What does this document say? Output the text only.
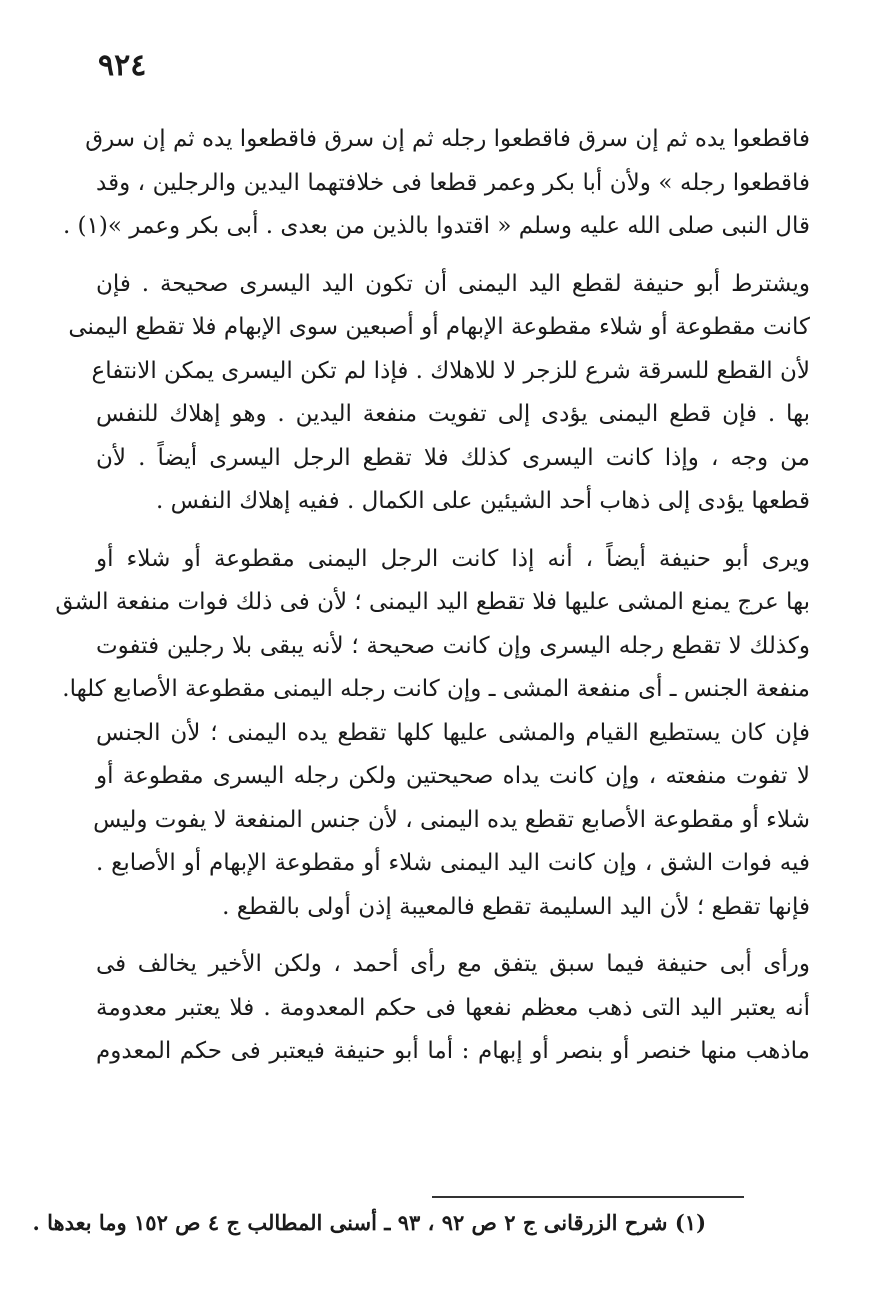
٩٢٤
فاقطعوا يده ثم إن سرق فاقطعوا رجله ثم إن سرق فاقطعوا يده ثم إن سرق
فاقطعوا رجله » ولأن أبا بكر وعمر قطعا فى خلافتهما اليدين والرجلين ، وقد
قال النبى صلى الله عليه وسلم « اقتدوا بالذين من بعدى . أبى بكر وعمر »(١) .
ويشترط أبو حنيفة لقطع اليد اليمنى أن تكون اليد اليسرى صحيحة . فإن
كانت مقطوعة أو شلاء مقطوعة الإبهام أو أصبعين سوى الإبهام فلا تقطع اليمنى
لأن القطع للسرقة شرع للزجر لا للاهلاك . فإذا لم تكن اليسرى يمكن الانتفاع
بها . فإن قطع اليمنى يؤدى إلى تفويت منفعة اليدين . وهو إهلاك للنفس
من وجه ، وإذا كانت اليسرى كذلك فلا تقطع الرجل اليسرى أيضاً . لأن
قطعها يؤدى إلى ذهاب أحد الشيئين على الكمال . ففيه إهلاك النفس .
ويرى أبو حنيفة أيضاً ، أنه إذا كانت الرجل اليمنى مقطوعة أو شلاء أو
بها عرج يمنع المشى عليها فلا تقطع اليد اليمنى ؛ لأن فى ذلك فوات منفعة الشق
وكذلك لا تقطع رجله اليسرى وإن كانت صحيحة ؛ لأنه يبقى بلا رجلين فتفوت
منفعة الجنس ـ أى منفعة المشى ـ وإن كانت رجله اليمنى مقطوعة الأصابع كلها.
فإن كان يستطيع القيام والمشى عليها كلها تقطع يده اليمنى ؛ لأن الجنس
لا تفوت منفعته ، وإن كانت يداه صحيحتين ولكن رجله اليسرى مقطوعة أو
شلاء أو مقطوعة الأصابع تقطع يده اليمنى ، لأن جنس المنفعة لا يفوت وليس
فيه فوات الشق ، وإن كانت اليد اليمنى شلاء أو مقطوعة الإبهام أو الأصابع .
فإنها تقطع ؛ لأن اليد السليمة تقطع فالمعيبة إذن أولى بالقطع .
ورأى أبى حنيفة فيما سبق يتفق مع رأى أحمد ، ولكن الأخير يخالف فى
أنه يعتبر اليد التى ذهب معظم نفعها فى حكم المعدومة . فلا يعتبر معدومة
ماذهب منها خنصر أو بنصر أو إبهام : أما أبو حنيفة فيعتبر فى حكم المعدوم
(١) شرح الزرقانى ج ٢ ص ٩٢ ، ٩٣ ـ أسنى المطالب ج ٤ ص ١٥٢ وما بعدها .
